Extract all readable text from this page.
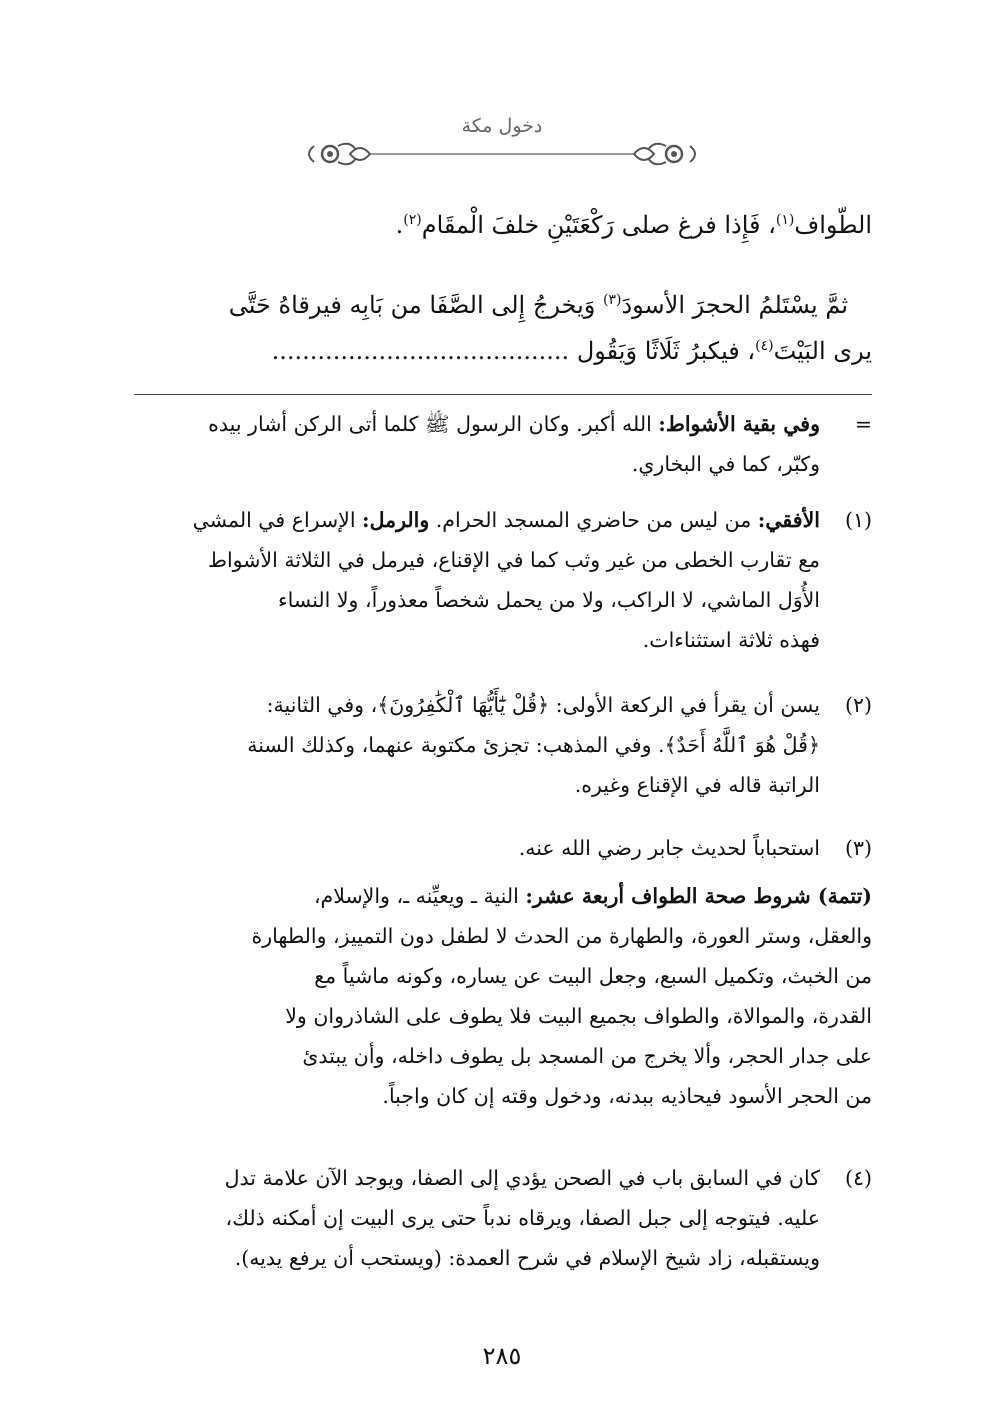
دخول مكة
الطّواف$^{(١)}$، فَإِذا فرغ صلى رَكْعَتَيْنِ خلفَ الْمقَام$^{(٢)}$.
ثمَّ يسْتَلمُ الحجرَ الأسودَ$^{(٣)}$ وَيخرجُ إِلى الصَّفَا من بَابِه فيرقاهُ حَتَّى
يرى البَيْتَ$^{(٤)}$، فيكبرُ ثَلَاثًا وَيَقُول .......................................
=
وفي بقية الأشواط: الله أكبر. وكان الرسول ﷺ كلما أتى الركن أشار بيده
وكبّر، كما في البخاري.
(١)
الأفقي: من ليس من حاضري المسجد الحرام. والرمل: الإسراع في المشي
مع تقارب الخطى من غير وثب كما في الإقناع، فيرمل في الثلاثة الأشواط
الأُوَل الماشي، لا الراكب، ولا من يحمل شخصاً معذوراً، ولا النساء
فهذه ثلاثة استثناءات.
(٢)
يسن أن يقرأ في الركعة الأولى: ﴿قُلْ يَٰٓأَيُّهَا ٱلْكَٰفِرُونَ﴾، وفي الثانية:
﴿قُلْ هُوَ ٱللَّهُ أَحَدٌ﴾. وفي المذهب: تجزئ مكتوبة عنهما، وكذلك السنة
الراتبة قاله في الإقناع وغيره.
(٣)
استحباباً لحديث جابر رضي الله عنه.
(تتمة) شروط صحة الطواف أربعة عشر: النية ـ ويعيِّنه ـ، والإسلام،
والعقل، وستر العورة، والطهارة من الحدث لا لطفل دون التمييز، والطهارة
من الخبث، وتكميل السبع، وجعل البيت عن يساره، وكونه ماشياً مع
القدرة، والموالاة، والطواف بجميع البيت فلا يطوف على الشاذروان ولا
على جدار الحجر، وألا يخرج من المسجد بل يطوف داخله، وأن يبتدئ
من الحجر الأسود فيحاذيه ببدنه، ودخول وقته إن كان واجباً.
(٤)
كان في السابق باب في الصحن يؤدي إلى الصفا، ويوجد الآن علامة تدل
عليه. فيتوجه إلى جبل الصفا، ويرقاه ندباً حتى يرى البيت إن أمكنه ذلك،
ويستقبله، زاد شيخ الإسلام في شرح العمدة: (ويستحب أن يرفع يديه).
٢٨٥
